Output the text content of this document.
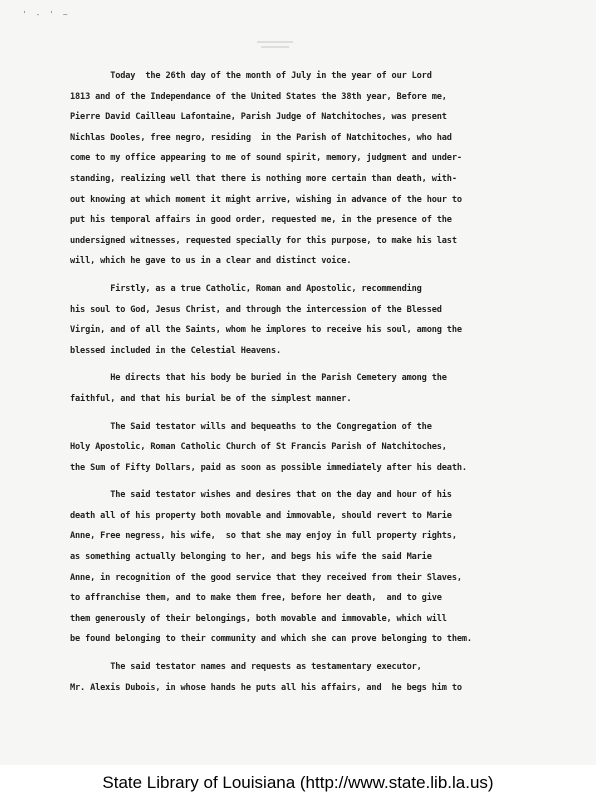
' - ' ~

Today  the 26th day of the month of July in the year of our Lord

1813 and of the Independance of the United States the 38th year, Before me,

Pierre David Cailleau Lafontaine, Parish Judge of Natchitoches, was present

Nichlas Dooles, free negro, residing  in the Parish of Natchitoches, who had

come to my office appearing to me of sound spirit, memory, judgment and under-

standing, realizing well that there is nothing more certain than death, with-

out knowing at which moment it might arrive, wishing in advance of the hour to

put his temporal affairs in good order, requested me, in the presence of the

undersigned witnesses, requested specially for this purpose, to make his last

will, which he gave to us in a clear and distinct voice.

Firstly, as a true Catholic, Roman and Apostolic, recommending

his soul to God, Jesus Christ, and through the intercession of the Blessed

Virgin, and of all the Saints, whom he implores to receive his soul, among the

blessed included in the Celestial Heavens.

He directs that his body be buried in the Parish Cemetery among the

faithful, and that his burial be of the simplest manner.

The Said testator wills and bequeaths to the Congregation of the

Holy Apostolic, Roman Catholic Church of St Francis Parish of Natchitoches,

the Sum of Fifty Dollars, paid as soon as possible immediately after his death.

The said testator wishes and desires that on the day and hour of his

death all of his property both movable and immovable, should revert to Marie

Anne, Free negress, his wife,  so that she may enjoy in full property rights,

as something actually belonging to her, and begs his wife the said Marie

Anne, in recognition of the good service that they received from their Slaves,

to affranchise them, and to make them free, before her death,  and to give

them generously of their belongings, both movable and immovable, which will

be found belonging to their community and which she can prove belonging to them.

The said testator names and requests as testamentary executor,

Mr. Alexis Dubois, in whose hands he puts all his affairs, and  he begs him to

State Library of Louisiana (http://www.state.lib.la.us)
